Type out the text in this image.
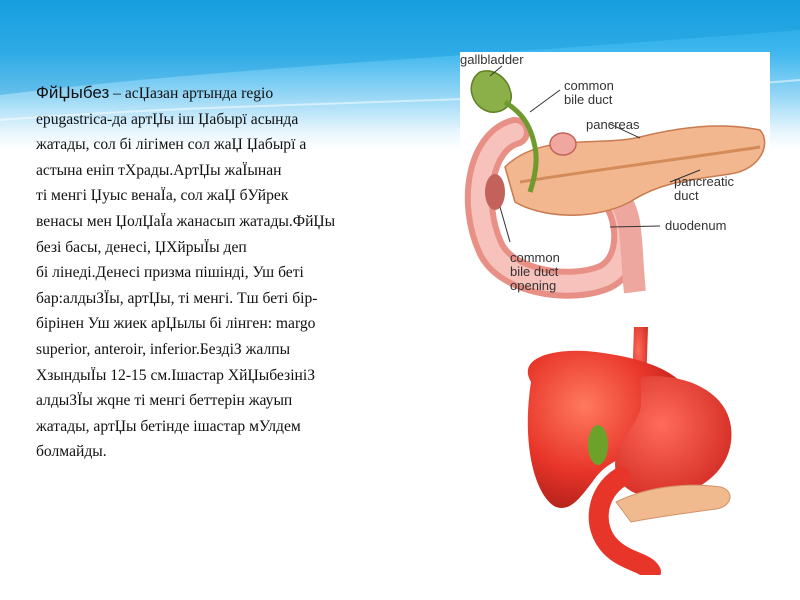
ФйЏыбез – асЏазан артында regio
epugastrica-да артЏы іш Џабырї асында
жатады, сол бі лігімен сол жаЏ Џабырї а
астына еніп тХрады.АртЏы жаЇынан
ті менгі Џуыс венаЇа, сол жаЏ бУйрек
венасы мен ЏолЏаЇа жанасып жатады.ФйЏы
безі басы, денесі, ЏХйрыЇы деп
бі лінеді.Денесі призма пішінді, Уш беті
бар:алдыЗЇы, артЏы, ті менгі. Тш беті бір-
бірінен Уш жиек арЏылы бі лінген: margo
superior, anteroir, inferior.БездіЗ жалпы
ХзындыЇы 12-15 см.Ішастар ХйЏыбезініЗ
алдыЗЇы жqне ті менгі беттерін жауып
жатады, артЏы бетінде ішастар мУлдем
болмайды.
gallbladder
common
bile duct
pancreas
pancreatic
duct
duodenum
common
bile duct
opening
